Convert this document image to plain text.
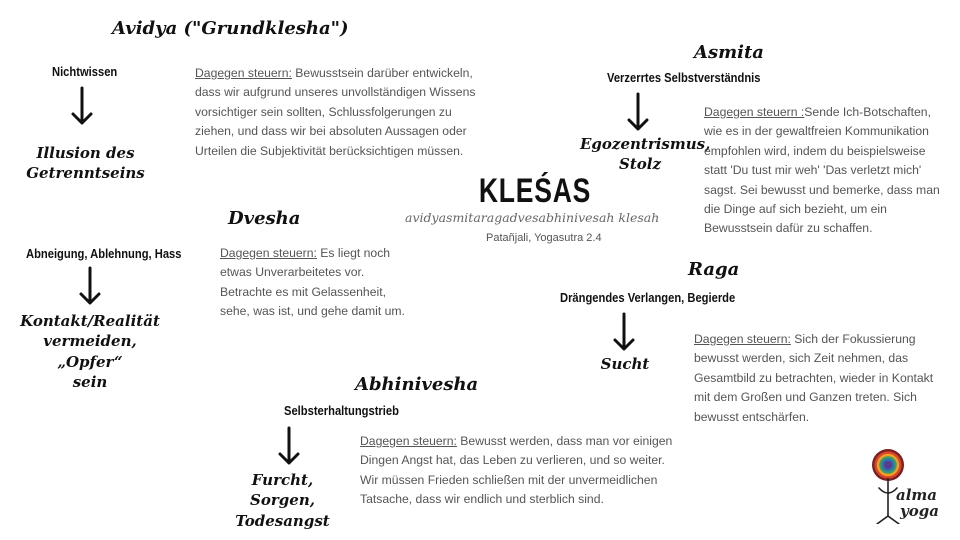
KLEŚAS
avidyasmitaragadvesabhinivesah klesah
Patañjali, Yogasutra 2.4
Avidya ("Grundklesha")
Nichtwissen
Illusion des
Getrenntseins
Dagegen steuern: Bewusstsein darüber entwickeln, dass wir aufgrund unseres unvollständigen Wissens vorsichtiger sein sollten, Schlussfolgerungen zu ziehen, und dass wir bei absoluten Aussagen oder Urteilen die Subjektivität berücksichtigen müssen.
Asmita
Verzerrtes Selbstverständnis
Egozentrismus,
Stolz
Dagegen steuern :Sende Ich-Botschaften, wie es in der gewaltfreien Kommunikation empfohlen wird, indem du beispielsweise statt 'Du tust mir weh' 'Das verletzt mich' sagst. Sei bewusst und bemerke, dass man die Dinge auf sich bezieht, um ein Bewusstsein dafür zu schaffen.
Dvesha
Abneigung, Ablehnung, Hass
Kontakt/Realität
vermeiden, „Opfer“
sein
Dagegen steuern: Es liegt noch etwas Unverarbeitetes vor. Betrachte es mit Gelassenheit, sehe, was ist, und gehe damit um.
Raga
Drängendes Verlangen, Begierde
Sucht
Dagegen steuern: Sich der Fokussierung bewusst werden, sich Zeit nehmen, das Gesamtbild zu betrachten, wieder in Kontakt mit dem Großen und Ganzen treten. Sich bewusst entschärfen.
Abhinivesha
Selbsterhaltungstrieb
Furcht, Sorgen,
Todesangst
Dagegen steuern: Bewusst werden, dass man vor einigen Dingen Angst hat, das Leben zu verlieren, und so weiter. Wir müssen Frieden schließen mit der unvermeidlichen Tatsache, dass wir endlich und sterblich sind.	alma
yoga
